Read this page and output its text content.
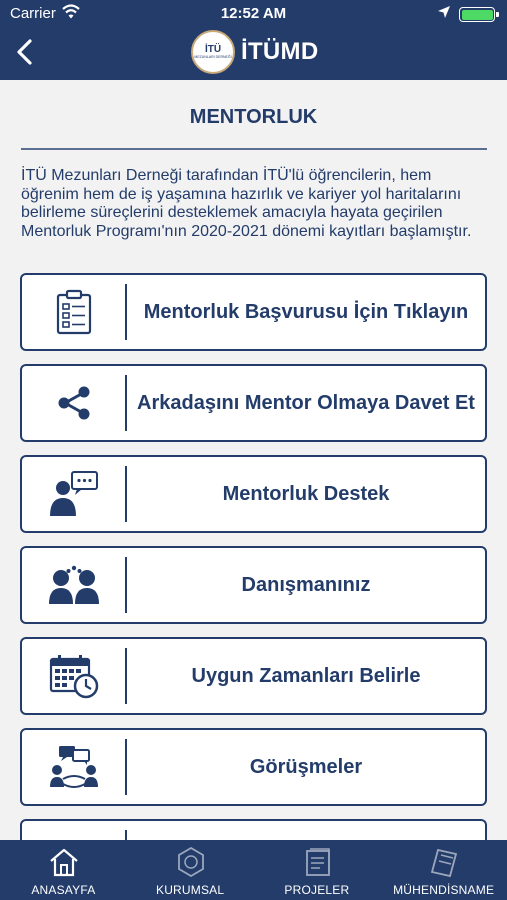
Carrier	12:52 AM
İTÜ
MEZUNLARI DERNEĞİ İTÜMD
MENTORLUK

İTÜ Mezunları Derneği tarafından İTÜ'lü öğrencilerin, hem öğrenim hem de iş yaşamına hazırlık ve kariyer yol haritalarını belirleme süreçlerini desteklemek amacıyla hayata geçirilen Mentorluk Programı'nın 2020-2021 dönemi kayıtları başlamıştır.

Mentorluk Başvurusu İçin Tıklayın
Arkadaşını Mentor Olmaya Davet Et
Mentorluk Destek
Danışmanınız
Uygun Zamanları Belirle
Görüşmeler
ANASAYFA	KURUMSAL	PROJELER	MÜHENDİSNAME
